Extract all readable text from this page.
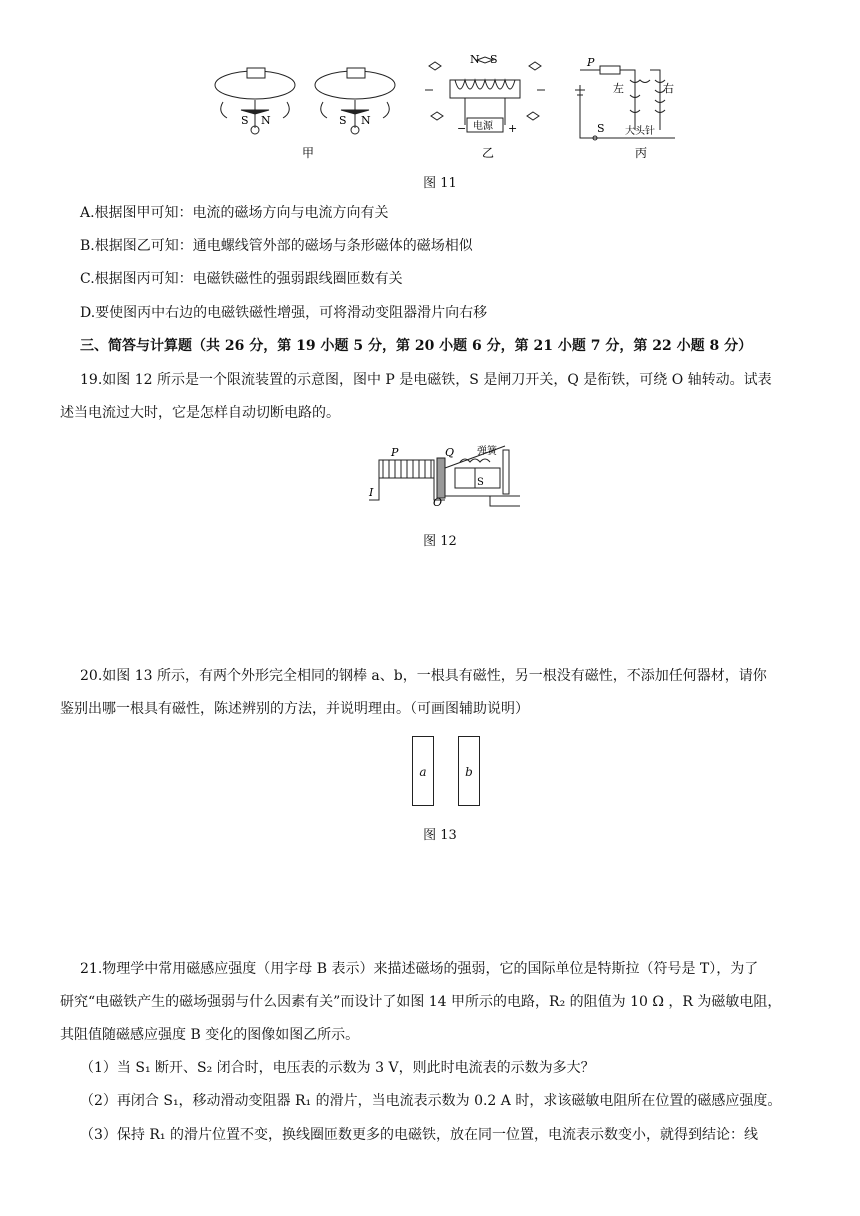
S N	S N
N S
电源
−	+
P
左	右
S 大头针
甲	乙	丙
图 11
A.根据图甲可知：电流的磁场方向与电流方向有关
B.根据图乙可知：通电螺线管外部的磁场与条形磁体的磁场相似
C.根据图丙可知：电磁铁磁性的强弱跟线圈匝数有关
D.要使图丙中右边的电磁铁磁性增强，可将滑动变阻器滑片向右移
三、简答与计算题（共 26 分，第 19 小题 5 分，第 20 小题 6 分，第 21 小题 7 分，第 22 小题 8 分）
19.如图 12 所示是一个限流装置的示意图，图中 P 是电磁铁，S 是闸刀开关，Q 是衔铁，可绕 O 轴转动。试表
述当电流过大时，它是怎样自动切断电路的。
P	Q 弹簧
S
I
O
图 12
20.如图 13 所示，有两个外形完全相同的钢棒 a、b，一根具有磁性，另一根没有磁性，不添加任何器材，请你
鉴别出哪一根具有磁性，陈述辨别的方法，并说明理由。（可画图辅助说明）
a	b
图 13
21.物理学中常用磁感应强度（用字母 B 表示）来描述磁场的强弱，它的国际单位是特斯拉（符号是 T），为了
研究“电磁铁产生的磁场强弱与什么因素有关”而设计了如图 14 甲所示的电路，R₂ 的阻值为 10 Ω ，R 为磁敏电阻，
其阻值随磁感应强度 B 变化的图像如图乙所示。
（1）当 S₁ 断开、S₂ 闭合时，电压表的示数为 3 V，则此时电流表的示数为多大？
（2）再闭合 S₁，移动滑动变阻器 R₁ 的滑片，当电流表示数为 0.2 A 时，求该磁敏电阻所在位置的磁感应强度。
（3）保持 R₁ 的滑片位置不变，换线圈匝数更多的电磁铁，放在同一位置，电流表示数变小，就得到结论：线
